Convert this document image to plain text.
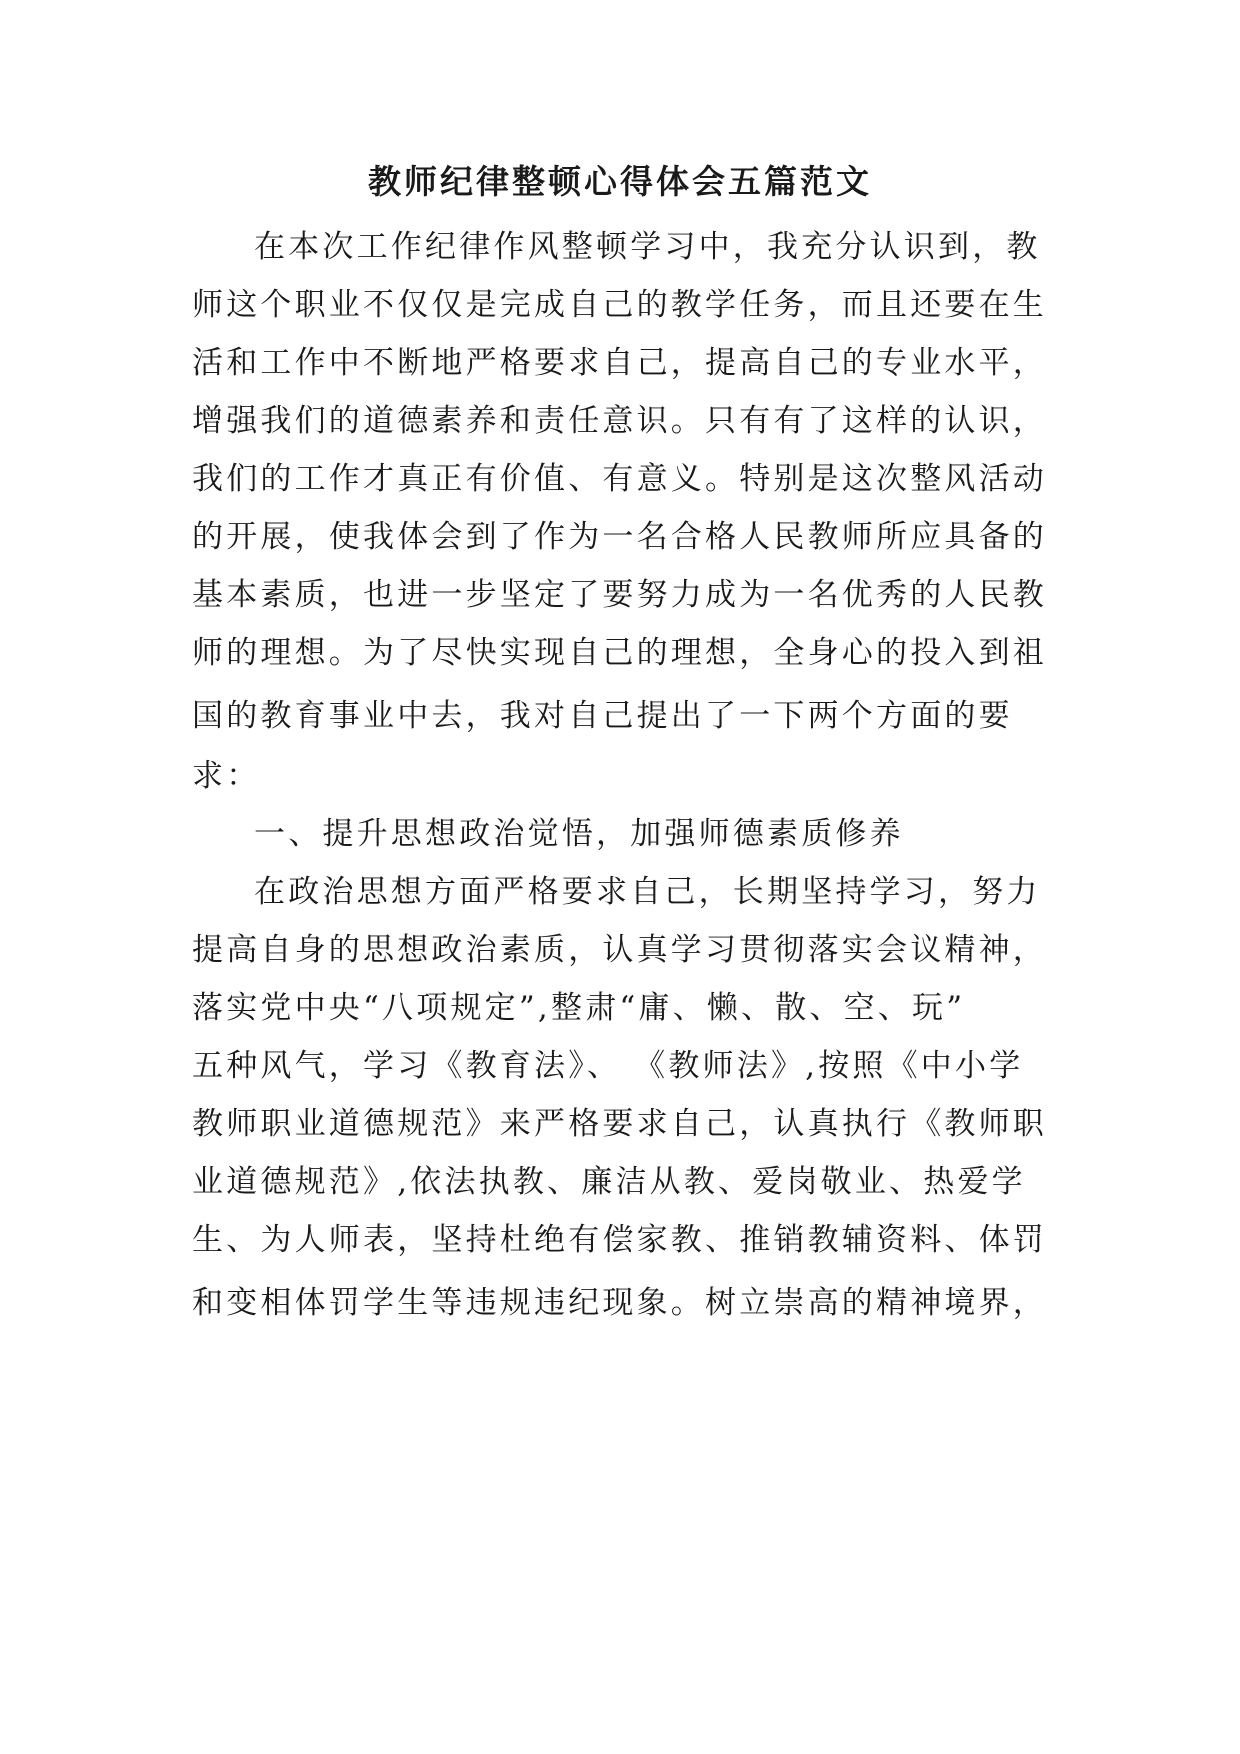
教师纪律整顿心得体会五篇范文

在本次工作纪律作风整顿学习中，我充分认识到，教

师这个职业不仅仅是完成自己的教学任务，而且还要在生

活和工作中不断地严格要求自己，提高自己的专业水平，

增强我们的道德素养和责任意识。只有有了这样的认识，

我们的工作才真正有价值、有意义。特别是这次整风活动

的开展，使我体会到了作为一名合格人民教师所应具备的

基本素质，也进一步坚定了要努力成为一名优秀的人民教

师的理想。为了尽快实现自己的理想，全身心的投入到祖

国的教育事业中去，我对自己提出了一下两个方面的要

求：

一、提升思想政治觉悟，加强师德素质修养

在政治思想方面严格要求自己，长期坚持学习，努力

提高自身的思想政治素质，认真学习贯彻落实会议精神，

落实党中央“八项规定”,整肃“庸、懒、散、空、玩”

五种风气，学习《教育法》、 《教师法》,按照《中小学

教师职业道德规范》来严格要求自己，认真执行《教师职

业道德规范》,依法执教、廉洁从教、爱岗敬业、热爱学

生、为人师表，坚持杜绝有偿家教、推销教辅资料、体罚

和变相体罚学生等违规违纪现象。树立崇高的精神境界，
